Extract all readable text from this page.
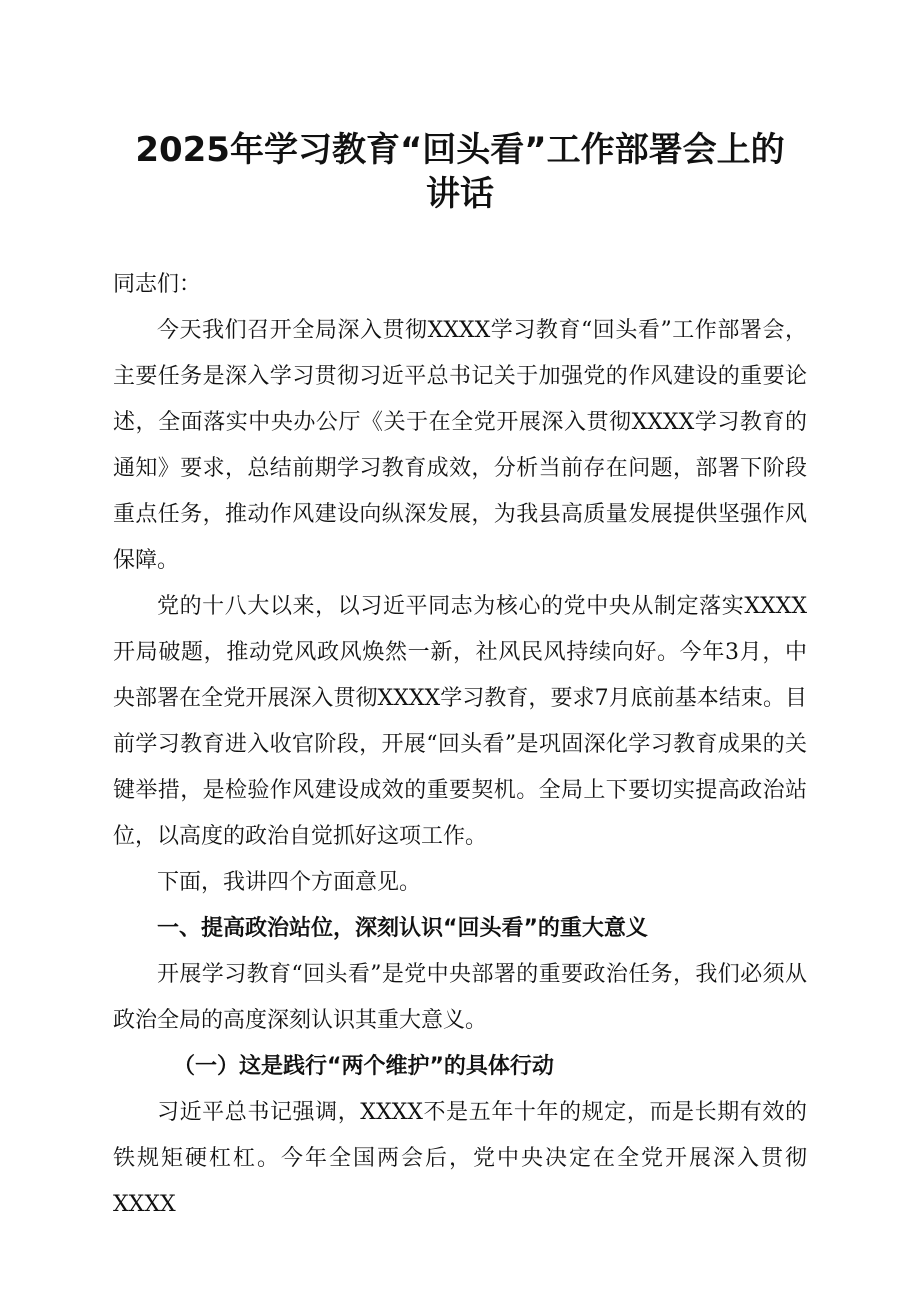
2025年学习教育“回头看”工作部署会上的
讲话

同志们：

今天我们召开全局深入贯彻XXXX学习教育“回头看”工作部署会，主要任务是深入学习贯彻习近平总书记关于加强党的作风建设的重要论述，全面落实中央办公厅《关于在全党开展深入贯彻XXXX学习教育的通知》要求，总结前期学习教育成效，分析当前存在问题，部署下阶段重点任务，推动作风建设向纵深发展，为我县高质量发展提供坚强作风保障。

党的十八大以来，以习近平同志为核心的党中央从制定落实XXXX开局破题，推动党风政风焕然一新，社风民风持续向好。今年3月，中央部署在全党开展深入贯彻XXXX学习教育，要求7月底前基本结束。目前学习教育进入收官阶段，开展“回头看”是巩固深化学习教育成果的关键举措，是检验作风建设成效的重要契机。全局上下要切实提高政治站位，以高度的政治自觉抓好这项工作。

下面，我讲四个方面意见。

一、提高政治站位，深刻认识“回头看”的重大意义

开展学习教育“回头看”是党中央部署的重要政治任务，我们必须从政治全局的高度深刻认识其重大意义。

（一）这是践行“两个维护”的具体行动

习近平总书记强调，XXXX不是五年十年的规定，而是长期有效的铁规矩硬杠杠。今年全国两会后，党中央决定在全党开展深入贯彻XXXX
